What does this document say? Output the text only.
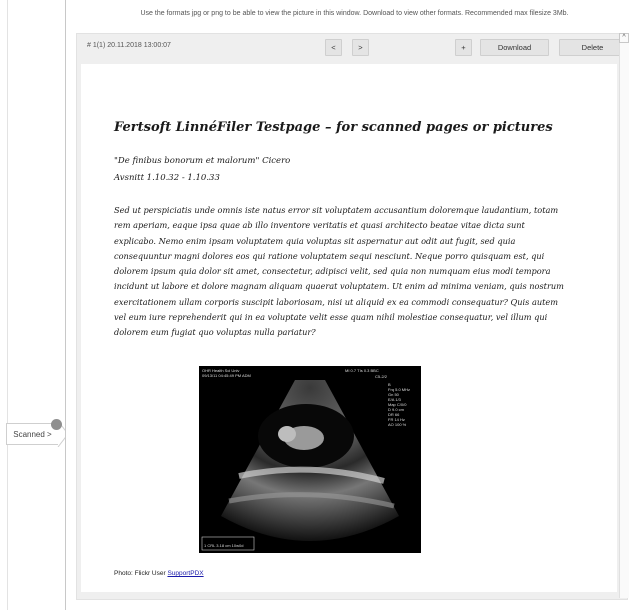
Scanned >
Use the formats jpg or png to be able to view the picture in this window. Download to view other formats. Recommended max filesize 3Mb.
# 1(1) 20.11.2018 13:00:07	<	>	+	Download	Delete
Fertsoft LinnéFiler Testpage – for scanned pages or pictures
"De finibus bonorum et malorum" Cicero
Avsnitt 1.10.32 - 1.10.33
Sed ut perspiciatis unde omnis iste natus error sit voluptatem accusantium doloremque laudantium, totam rem aperiam, eaque ipsa quae ab illo inventore veritatis et quasi architecto beatae vitae dicta sunt explicabo. Nemo enim ipsam voluptatem quia voluptas sit aspernatur aut odit aut fugit, sed quia consequuntur magni dolores eos qui ratione voluptatem sequi nesciunt. Neque porro quisquam est, qui dolorem ipsum quia dolor sit amet, consectetur, adipisci velit, sed quia non numquam eius modi tempora incidunt ut labore et dolore magnam aliquam quaerat voluptatem. Ut enim ad minima veniam, quis nostrum exercitationem ullam corporis suscipit laboriosam, nisi ut aliquid ex ea commodi consequatur? Quis autem vel eum iure reprehenderit qui in ea voluptate velit esse quam nihil molestiae consequatur, vel illum qui dolorem eum fugiat quo voluptas nulla pariatur?
OHR Health Sci Univ
09/13/11 04:45:49 PM ADM
MI 0.7 TIs 0.3 BBC
C5-2/2
B
Frq 5.0 MHz
Gn 50
E/A 1/3
Map C/0/0
D 9.0 cm
DR 66
FR 14 Hz
AO 100 %
1 CRL 3.18 cm 10w0d
Photo: Flickr User SupportPDX
^
